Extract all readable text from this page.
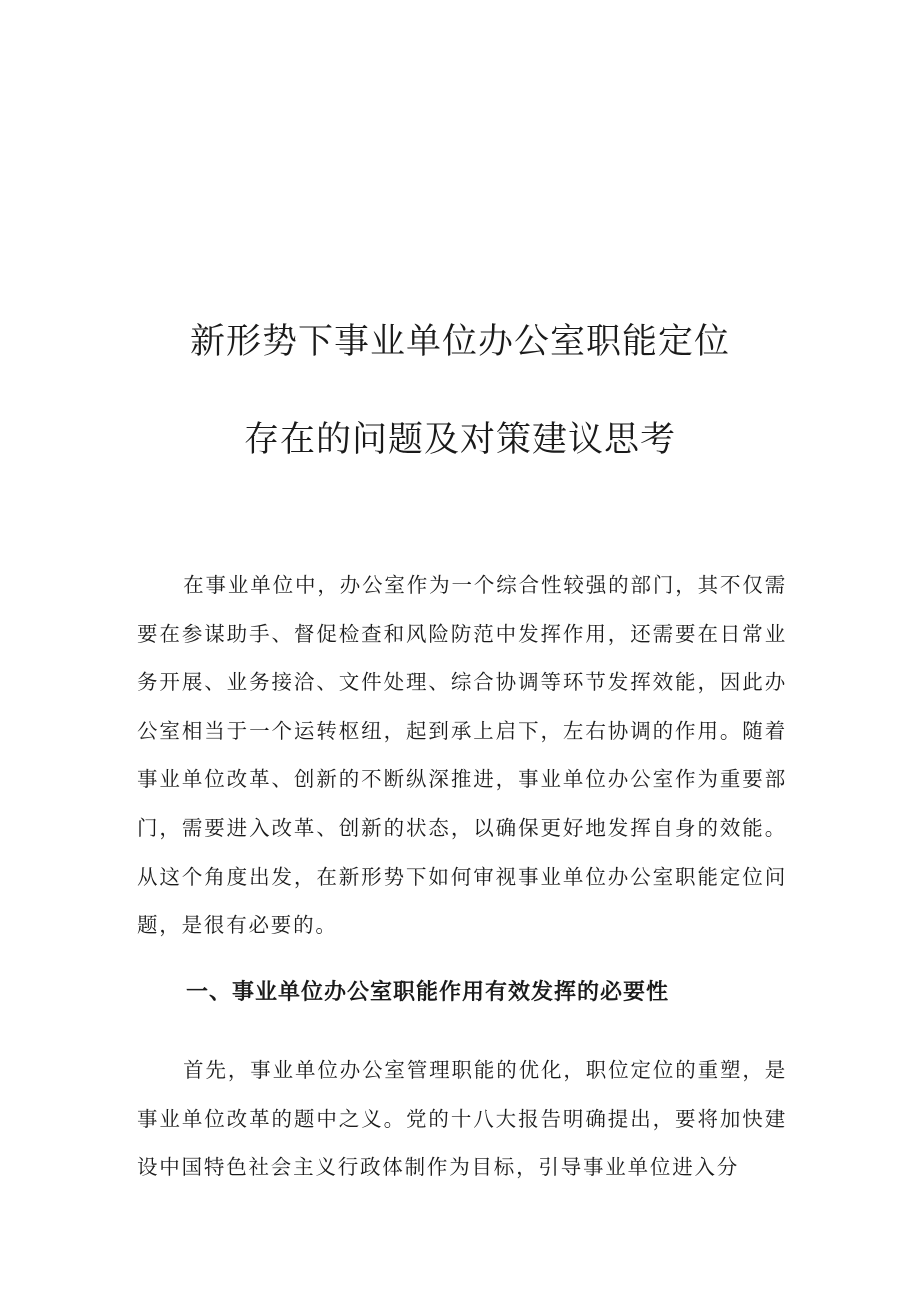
新形势下事业单位办公室职能定位
存在的问题及对策建议思考

在事业单位中，办公室作为一个综合性较强的部门，其不仅需要在参谋助手、督促检查和风险防范中发挥作用，还需要在日常业务开展、业务接洽、文件处理、综合协调等环节发挥效能，因此办公室相当于一个运转枢纽，起到承上启下，左右协调的作用。随着事业单位改革、创新的不断纵深推进，事业单位办公室作为重要部门，需要进入改革、创新的状态，以确保更好地发挥自身的效能。从这个角度出发，在新形势下如何审视事业单位办公室职能定位问题，是很有必要的。

一、事业单位办公室职能作用有效发挥的必要性

首先，事业单位办公室管理职能的优化，职位定位的重塑，是事业单位改革的题中之义。党的十八大报告明确提出，要将加快建设中国特色社会主义行政体制作为目标，引导事业单位进入分
